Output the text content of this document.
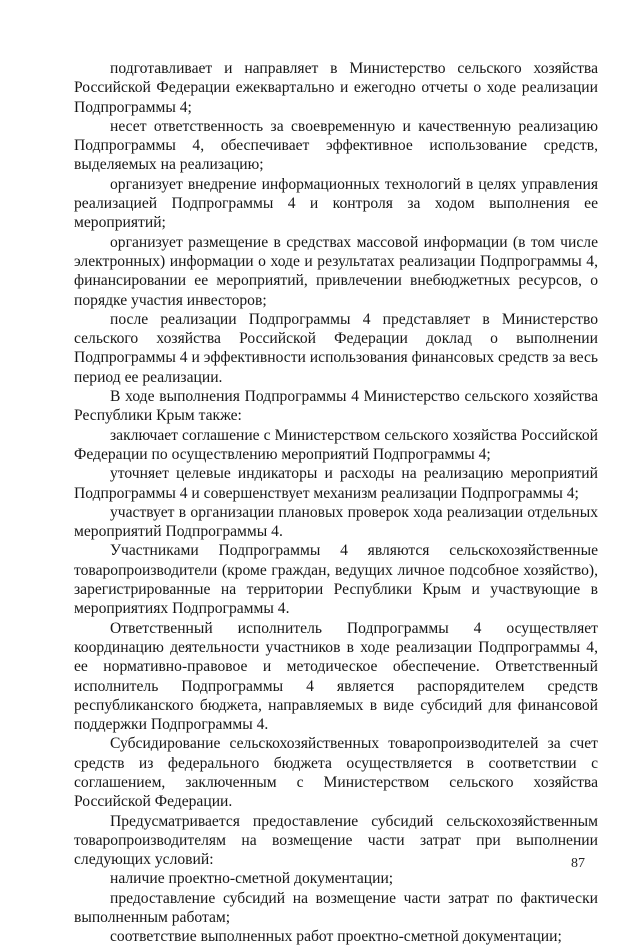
подготавливает и направляет в Министерство сельского хозяйства Российской Федерации ежеквартально и ежегодно отчеты о ходе реализации Подпрограммы 4;

несет ответственность за своевременную и качественную реализацию Подпрограммы 4, обеспечивает эффективное использование средств, выделяемых на реализацию;

организует внедрение информационных технологий в целях управления реализацией Подпрограммы 4 и контроля за ходом выполнения ее мероприятий;

организует размещение в средствах массовой информации (в том числе электронных) информации о ходе и результатах реализации Подпрограммы 4, финансировании ее мероприятий, привлечении внебюджетных ресурсов, о порядке участия инвесторов;

после реализации Подпрограммы 4 представляет в Министерство сельского хозяйства Российской Федерации доклад о выполнении Подпрограммы 4 и эффективности использования финансовых средств за весь период ее реализации.

В ходе выполнения Подпрограммы 4 Министерство сельского хозяйства Республики Крым также:

заключает соглашение с Министерством сельского хозяйства Российской Федерации по осуществлению мероприятий Подпрограммы 4;

уточняет целевые индикаторы и расходы на реализацию мероприятий Подпрограммы 4 и совершенствует механизм реализации Подпрограммы 4;

участвует в организации плановых проверок хода реализации отдельных мероприятий Подпрограммы 4.

Участниками Подпрограммы 4 являются сельскохозяйственные товаропроизводители (кроме граждан, ведущих личное подсобное хозяйство), зарегистрированные на территории Республики Крым и участвующие в мероприятиях Подпрограммы 4.

Ответственный исполнитель Подпрограммы 4 осуществляет координацию деятельности участников в ходе реализации Подпрограммы 4, ее нормативно-правовое и методическое обеспечение. Ответственный исполнитель Подпрограммы 4 является распорядителем средств республиканского бюджета, направляемых в виде субсидий для финансовой поддержки Подпрограммы 4.

Субсидирование сельскохозяйственных товаропроизводителей за счет средств из федерального бюджета осуществляется в соответствии с соглашением, заключенным с Министерством сельского хозяйства Российской Федерации.

Предусматривается предоставление субсидий сельскохозяйственным товаропроизводителям на возмещение части затрат при выполнении следующих условий:

наличие проектно-сметной документации;

предоставление субсидий на возмещение части затрат по фактически выполненным работам;

соответствие выполненных работ проектно-сметной документации;

87
